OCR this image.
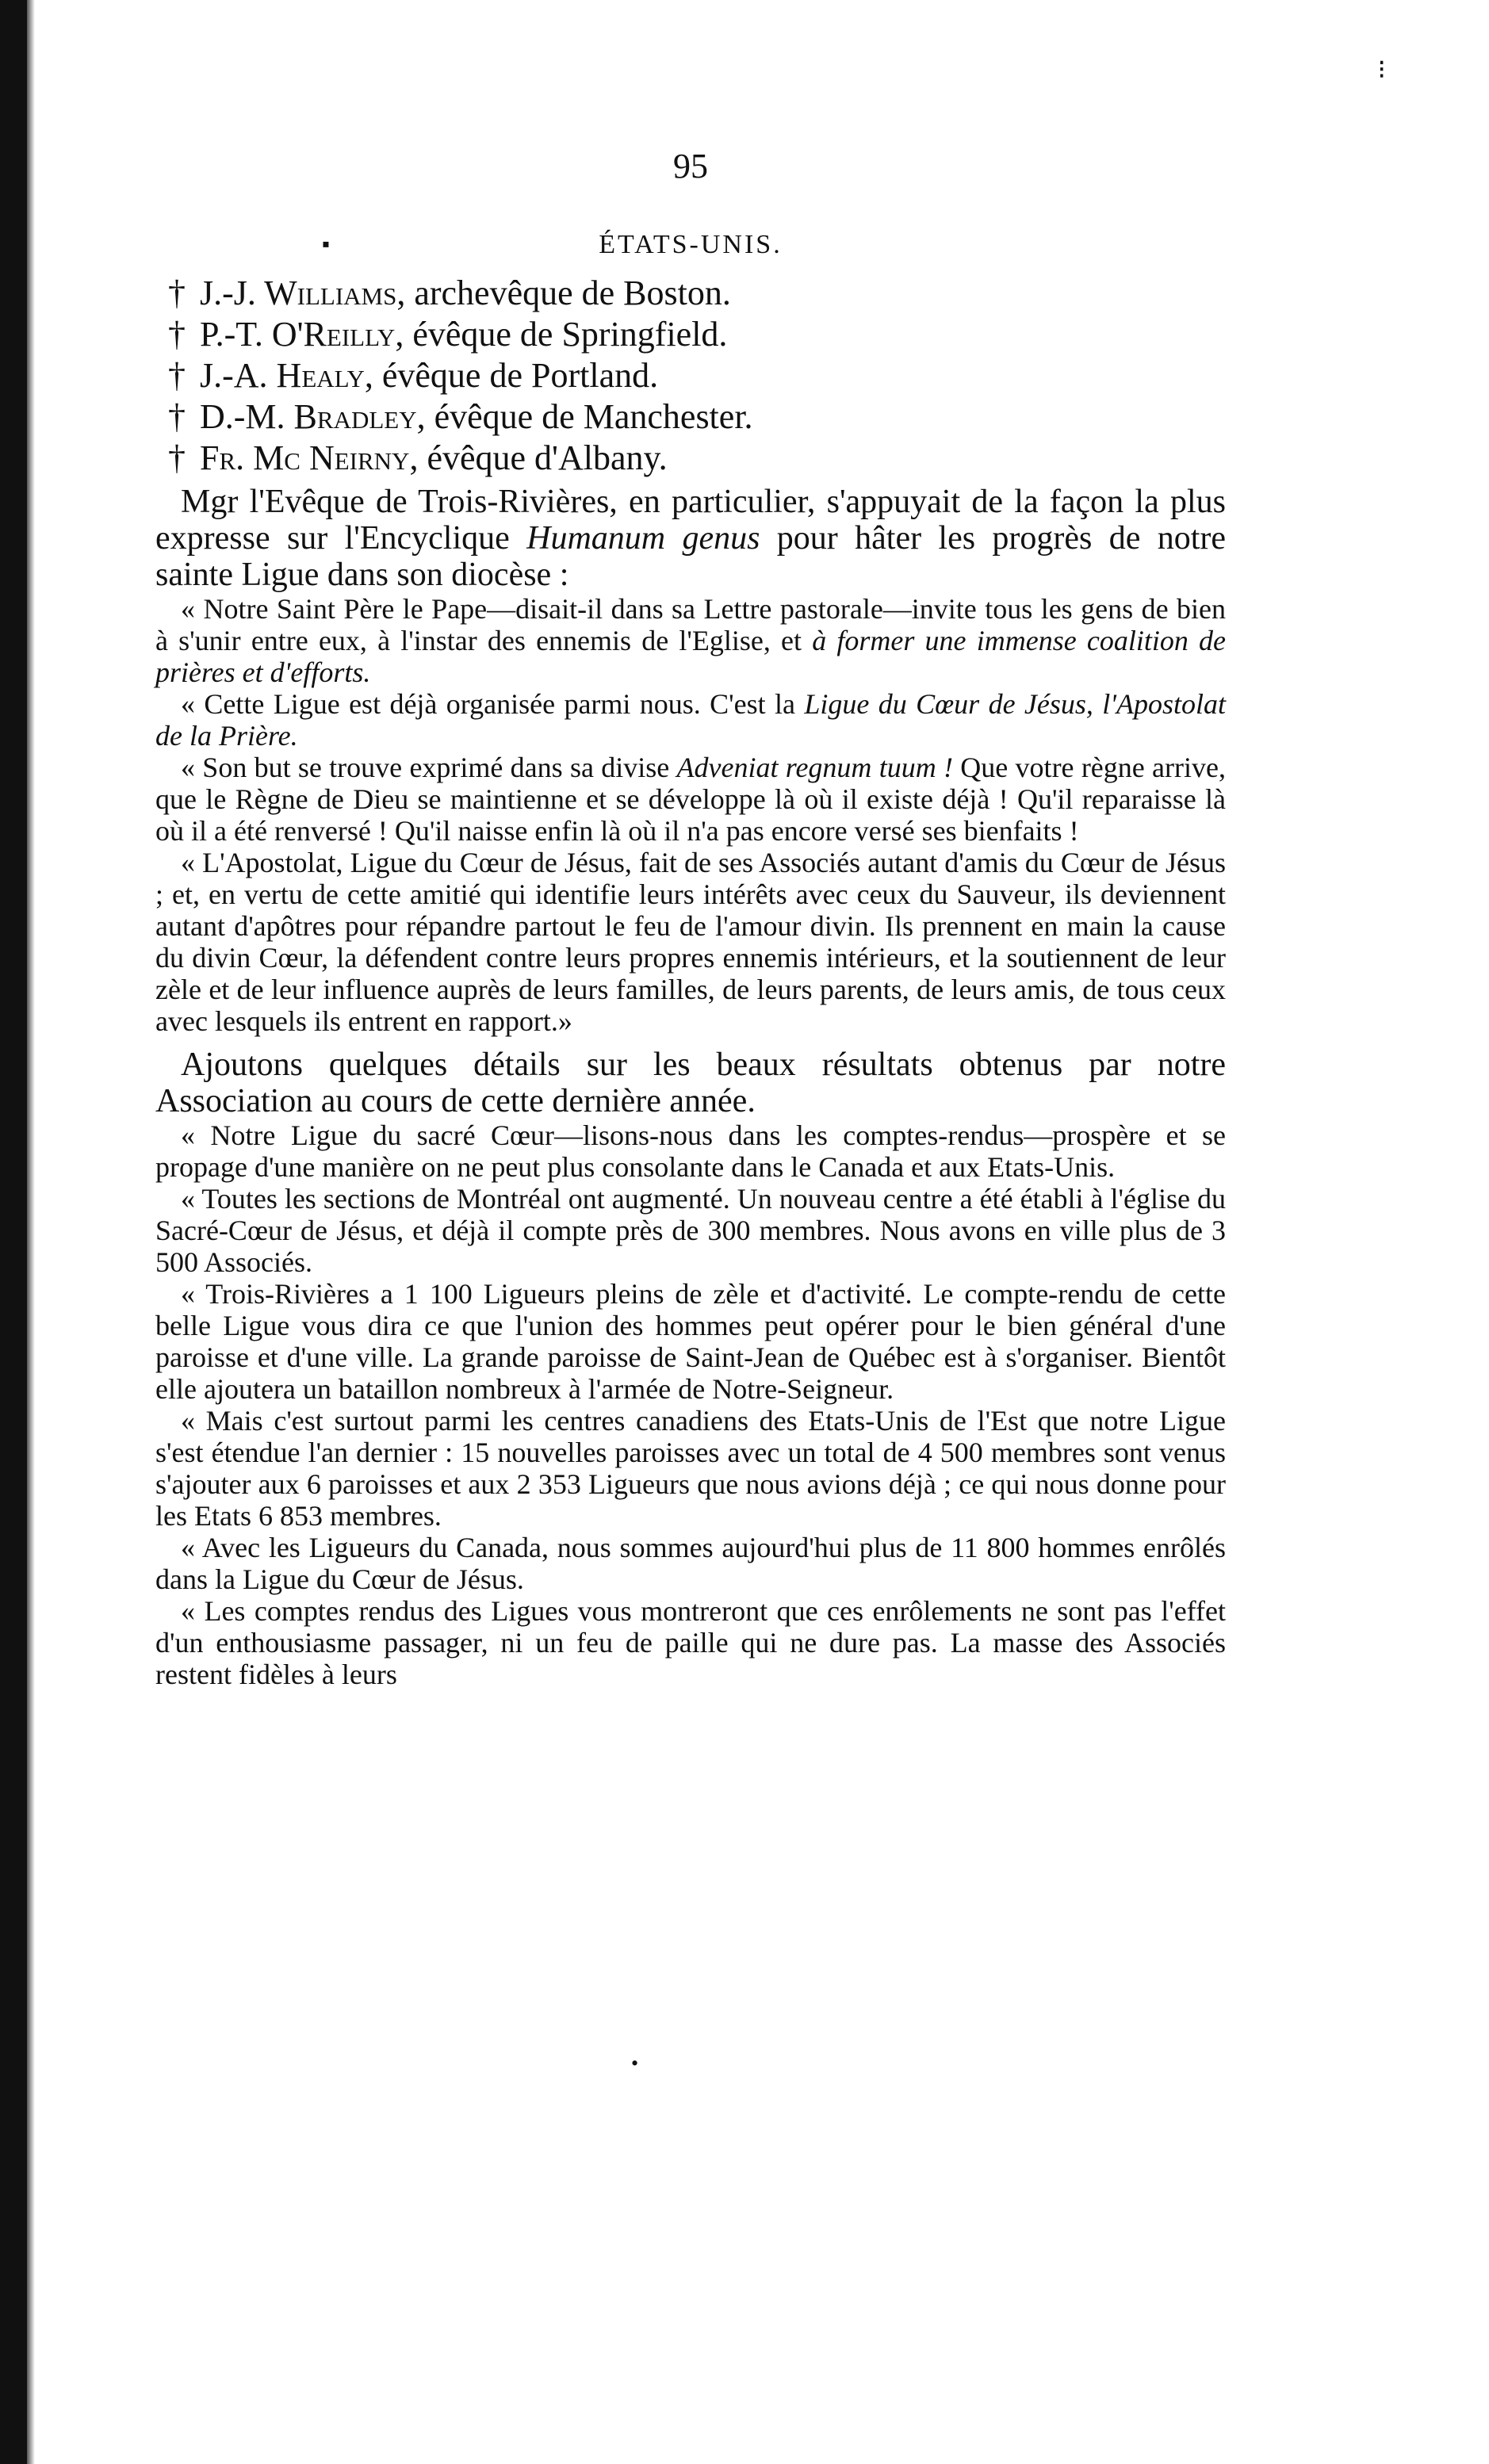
⁝
•
95
▪	ÉTATS-UNIS.
† J.-J. Williams, archevêque de Boston.
† P.-T. O'Reilly, évêque de Springfield.
† J.-A. Healy, évêque de Portland.
† D.-M. Bradley, évêque de Manchester.
† Fr. Mc Neirny, évêque d'Albany.

Mgr l'Evêque de Trois-Rivières, en particulier, s'appuyait de la façon la plus expresse sur l'Encyclique Humanum genus pour hâter les progrès de notre sainte Ligue dans son diocèse :

« Notre Saint Père le Pape—disait-il dans sa Lettre pastorale—invite tous les gens de bien à s'unir entre eux, à l'instar des ennemis de l'Eglise, et à former une immense coalition de prières et d'efforts.

« Cette Ligue est déjà organisée parmi nous. C'est la Ligue du Cœur de Jésus, l'Apostolat de la Prière.

« Son but se trouve exprimé dans sa divise Adveniat regnum tuum ! Que votre règne arrive, que le Règne de Dieu se maintienne et se développe là où il existe déjà ! Qu'il reparaisse là où il a été renversé ! Qu'il naisse enfin là où il n'a pas encore versé ses bienfaits !

« L'Apostolat, Ligue du Cœur de Jésus, fait de ses Associés autant d'amis du Cœur de Jésus ; et, en vertu de cette amitié qui identifie leurs intérêts avec ceux du Sauveur, ils deviennent autant d'apôtres pour répandre partout le feu de l'amour divin. Ils prennent en main la cause du divin Cœur, la défendent contre leurs propres ennemis intérieurs, et la soutiennent de leur zèle et de leur influence auprès de leurs familles, de leurs parents, de leurs amis, de tous ceux avec lesquels ils entrent en rapport.»

Ajoutons quelques détails sur les beaux résultats obtenus par notre Association au cours de cette dernière année.

« Notre Ligue du sacré Cœur—lisons-nous dans les comptes-rendus—prospère et se propage d'une manière on ne peut plus consolante dans le Canada et aux Etats-Unis.

« Toutes les sections de Montréal ont augmenté. Un nouveau centre a été établi à l'église du Sacré-Cœur de Jésus, et déjà il compte près de 300 membres. Nous avons en ville plus de 3 500 Associés.

« Trois-Rivières a 1 100 Ligueurs pleins de zèle et d'activité. Le compte-rendu de cette belle Ligue vous dira ce que l'union des hommes peut opérer pour le bien général d'une paroisse et d'une ville. La grande paroisse de Saint-Jean de Québec est à s'organiser. Bientôt elle ajoutera un bataillon nombreux à l'armée de Notre-Seigneur.

« Mais c'est surtout parmi les centres canadiens des Etats-Unis de l'Est que notre Ligue s'est étendue l'an dernier : 15 nouvelles paroisses avec un total de 4 500 membres sont venus s'ajouter aux 6 paroisses et aux 2 353 Ligueurs que nous avions déjà ; ce qui nous donne pour les Etats 6 853 membres.

« Avec les Ligueurs du Canada, nous sommes aujourd'hui plus de 11 800 hommes enrôlés dans la Ligue du Cœur de Jésus.

« Les comptes rendus des Ligues vous montreront que ces enrôlements ne sont pas l'effet d'un enthousiasme passager, ni un feu de paille qui ne dure pas. La masse des Associés restent fidèles à leurs
